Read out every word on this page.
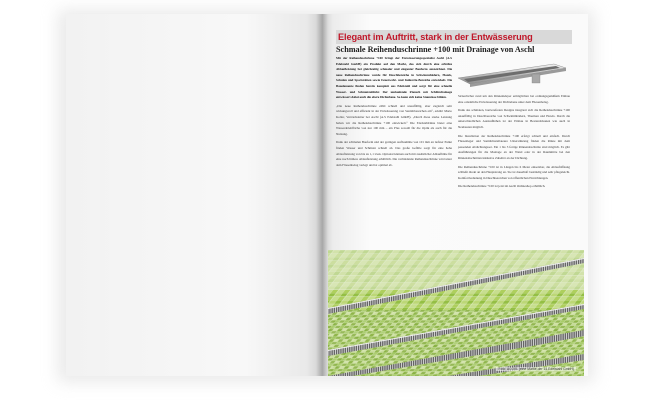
Elegant im Auftritt, stark in der Entwässerung
Schmale Reihenduschrinne +100 mit Drainage von Aschl

Mit der Reihenduschrinne +100 bringt der Entwässerungsspezialist Aschl (A.S Edelstahl GmbH) ein Produkt auf den Markt, das sich durch eine erhöhte Ablaufleistung bei gleichzeitig schmaler und eleganter Bauform auszeichnet. Die neue Reihenduschrinne wurde für Duschbereiche in Schwimmbädern, Hotels, Schulen und Sportstätten sowie Feuerwehr- und Industrie-Bereiche entwickelt. Die Bauelemente finden bereits komplett aus Edelstahl und sorgt für eine schnelle Wasser- und Schmutzabfuhr. Der umlaufende Flansch mit Schlitzdrainage entwässert dabei auch die obere Dichtebene. So kann sich keine Staunässe bilden.

„Die neue Reihenduschrinne zählt schnell und unauffällig, aber zugleich sehr wirkungsvoll und effizient in der Entwässerung von Sanitärbereichen ein“, erklärt Mario Koller, Vertriebsleiter bei Aschl (A.S Edelstahl GmbH). „Durch diese starke Leistung haben wir die Reihenduschrinne +100 entwickelt.“ Die Edelstahlrinne bietet eine Wasserableitfläche von nur 100 mm – ein Plus sowohl für die Optik als auch für die Nutzung.

Dank der schmalen Bauform und der geringen Aufbauhöhe von 101 mm an tiefster Punkt finden Wasser und Schmutz schnell ab. Das große Gefälle sorgt für eine hohe Ablaufleistung von bis zu 1,1 l/sek. Optional können auch mit zusätzlicher Ablaufhöhe für eine noch höhere Ablaufleistung erhältlich. Die verbindende Reihenduschrinne wird unter dem Fliesenbelag verlegt und ist optimal ab.

Sickerlöcher rund um den Rinnenkörper ermöglichen bei ordnungsgemäßem Einbau eine ordentliche Entwässerung der Dichtebene unter dem Fliesenbelag.

Dank des schmalen, barrierefreien Designs integriert sich die Reihenduschrinne +100 unauffällig in Duschbereiche von Schwimmbädern, Thermen und Hotels. Durch die unterschiedlichen Auslaufhöhen ist der Einbau in Bestandsbauten wie auch in Neubauten möglich.

Die Installation der Reihenduschrinne +100 erfolgt schnell und einfach. Durch Fliesenleger und Sanitärinstallateure Unterstützung finden die Rinne mit dem passenden Abdichtungsset. Ein 1 bis 3 fertige Rinnenabschnitte sind möglich. Es gibt Ausführungen für die Montage an der Wand oder in der Raummitte bei den Rinnenabschnitten inklusive Zubehör an der Dichtung.

Die Reihenduschrinne +100 ist in Längen bis 6 Meter einsetzbar, die Ablauföffnung schließt direkt an den Hauptstrang an. Sie ist dauerhaft beständig und sehr pflegeleicht. Komfortbedienung in Duschbereichen von öffentlichen Einrichtungen.

Die Reihenduschrinne +100 ist jetzt im Aschl Onlineshop erhältlich.

Foto: ACO/IL (eine Marke der 14 Edelstahl GmbH)
